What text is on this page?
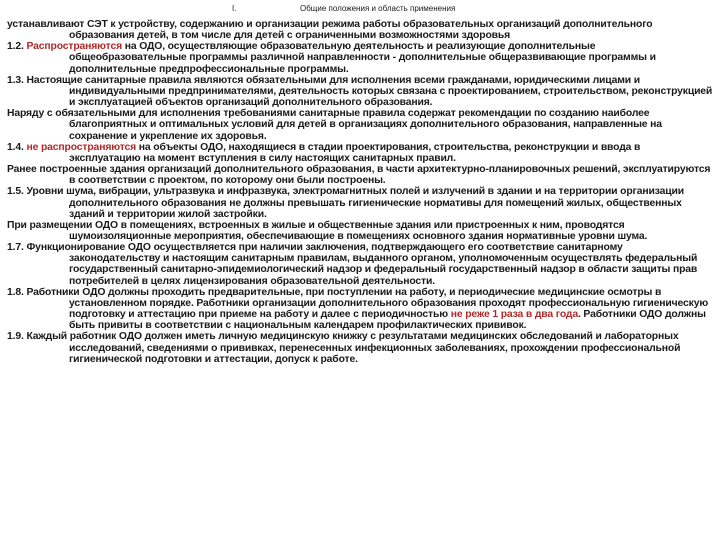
I.	Общие положения и область применения

устанавливают СЭТ к устройству, содержанию и организации режима работы образовательных организаций дополнительного образования детей, в том числе для детей с ограниченными возможностями здоровья

1.2. Распространяются на ОДО, осуществляющие образовательную деятельность и реализующие дополнительные общеобразовательные программы различной направленности - дополнительные общеразвивающие программы и дополнительные предпрофессиональные программы.

1.3. Настоящие санитарные правила являются обязательными для исполнения всеми гражданами, юридическими лицами и индивидуальными предпринимателями, деятельность которых связана с проектированием, строительством, реконструкцией и эксплуатацией объектов организаций дополнительного образования.

Наряду с обязательными для исполнения требованиями санитарные правила содержат рекомендации по созданию наиболее благоприятных и оптимальных условий для детей в организациях дополнительного образования, направленные на сохранение и укрепление их здоровья.

1.4. не распространяются на объекты ОДО, находящиеся в стадии проектирования, строительства, реконструкции и ввода в эксплуатацию на момент вступления в силу настоящих санитарных правил.

Ранее построенные здания организаций дополнительного образования, в части архитектурно-планировочных решений, эксплуатируются в соответствии с проектом, по которому они были построены.

1.5. Уровни шума, вибрации, ультразвука и инфразвука, электромагнитных полей и излучений в здании и на территории организации дополнительного образования не должны превышать гигиенические нормативы для помещений жилых, общественных зданий и территории жилой застройки.

При размещении ОДО в помещениях, встроенных в жилые и общественные здания или пристроенных к ним, проводятся шумоизоляционные мероприятия, обеспечивающие в помещениях основного здания нормативные уровни шума.

1.7. Функционирование ОДО осуществляется при наличии заключения, подтверждающего его соответствие санитарному законодательству и настоящим санитарным правилам, выданного органом, уполномоченным осуществлять федеральный государственный санитарно-эпидемиологический надзор и федеральный государственный надзор в области защиты прав потребителей в целях лицензирования образовательной деятельности.

1.8. Работники ОДО должны проходить предварительные, при поступлении на работу, и периодические медицинские осмотры в установленном порядке. Работники организации дополнительного образования проходят профессиональную гигиеническую подготовку и аттестацию при приеме на работу и далее с периодичностью не реже 1 раза в два года. Работники ОДО должны быть привиты в соответствии с национальным календарем профилактических прививок.

1.9. Каждый работник ОДО должен иметь личную медицинскую книжку с результатами медицинских обследований и лабораторных исследований, сведениями о прививках, перенесенных инфекционных заболеваниях, прохождении профессиональной гигиенической подготовки и аттестации, допуск к работе.
